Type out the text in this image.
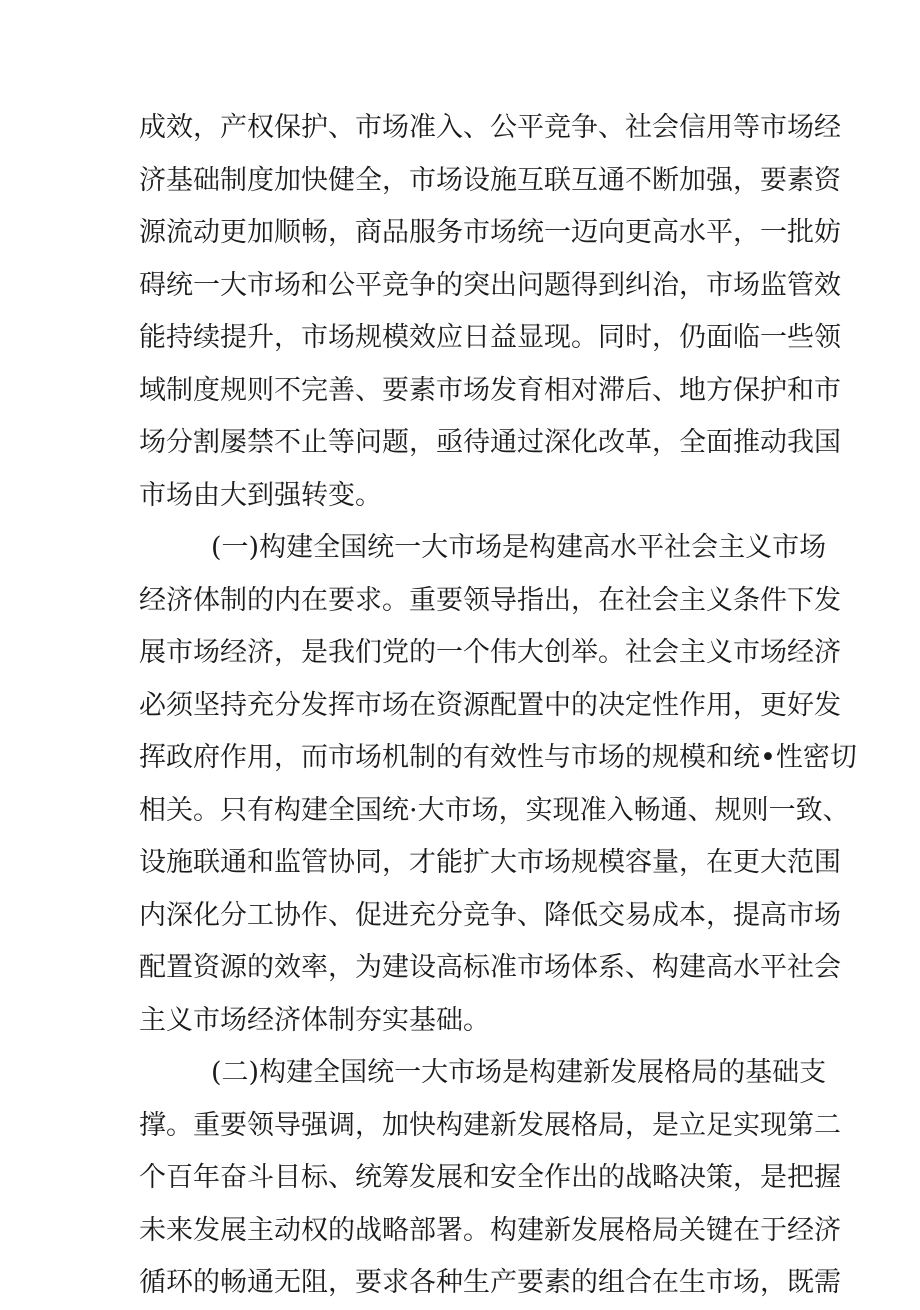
成效，产权保护、市场准入、公平竞争、社会信用等市场经
济基础制度加快健全，市场设施互联互通不断加强，要素资
源流动更加顺畅，商品服务市场统一迈向更高水平，一批妨
碍统一大市场和公平竞争的突出问题得到纠治，市场监管效
能持续提升，市场规模效应日益显现。同时，仍面临一些领
域制度规则不完善、要素市场发育相对滞后、地方保护和市
场分割屡禁不止等问题，亟待通过深化改革，全面推动我国
市场由大到强转变。
(一)构建全国统一大市场是构建高水平社会主义市场
经济体制的内在要求。重要领导指出，在社会主义条件下发
展市场经济，是我们党的一个伟大创举。社会主义市场经济
必须坚持充分发挥市场在资源配置中的决定性作用，更好发
挥政府作用，而市场机制的有效性与市场的规模和统•性密切
相关。只有构建全国统·大市场，实现准入畅通、规则一致、
设施联通和监管协同，才能扩大市场规模容量，在更大范围
内深化分工协作、促进充分竞争、降低交易成本，提高市场
配置资源的效率，为建设高标准市场体系、构建高水平社会
主义市场经济体制夯实基础。
(二)构建全国统一大市场是构建新发展格局的基础支
撑。重要领导强调，加快构建新发展格局，是立足实现第二
个百年奋斗目标、统筹发展和安全作出的战略决策，是把握
未来发展主动权的战略部署。构建新发展格局关键在于经济
循环的畅通无阻，要求各种生产要素的组合在生市场，既需
